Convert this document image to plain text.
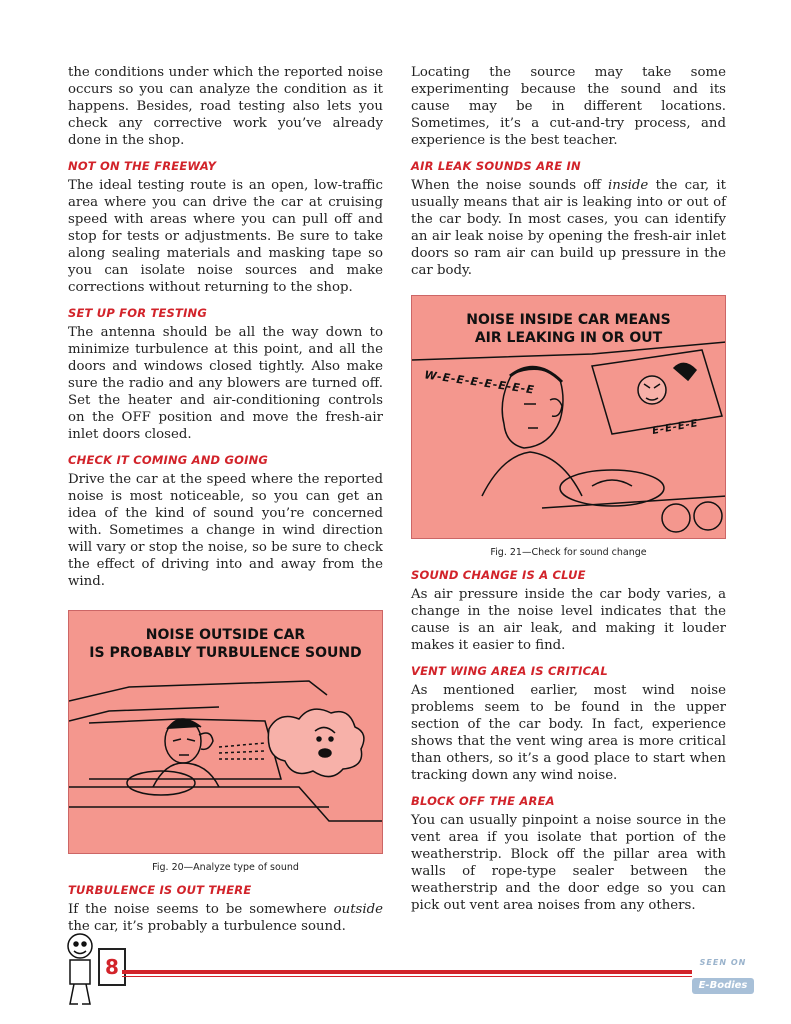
the conditions under which the reported noise occurs so you can analyze the condition as it happens. Besides, road testing also lets you check any corrective work you’ve already done in the shop.

NOT ON THE FREEWAY

The ideal testing route is an open, low-traffic area where you can drive the car at cruising speed with areas where you can pull off and stop for tests or adjustments. Be sure to take along sealing materials and masking tape so you can isolate noise sources and make corrections without returning to the shop.

SET UP FOR TESTING

The antenna should be all the way down to minimize turbulence at this point, and all the doors and windows closed tightly. Also make sure the radio and any blowers are turned off. Set the heater and air-conditioning controls on the OFF position and move the fresh-air inlet doors closed.

CHECK IT COMING AND GOING

Drive the car at the speed where the reported noise is most noticeable, so you can get an idea of the kind of sound you’re concerned with. Sometimes a change in wind direction will vary or stop the noise, so be sure to check the effect of driving into and away from the wind.

NOISE OUTSIDE CAR
IS PROBABLY TURBULENCE SOUND
Fig. 20—Analyze type of sound
TURBULENCE IS OUT THERE

If the noise seems to be somewhere outside the car, it’s probably a turbulence sound.

Locating the source may take some experimenting because the sound and its cause may be in different locations. Sometimes, it’s a cut-and-try process, and experience is the best teacher.

AIR LEAK SOUNDS ARE IN

When the noise sounds off inside the car, it usually means that air is leaking into or out of the car body. In most cases, you can identify an air leak noise by opening the fresh-air inlet doors so ram air can build up pressure in the car body.

NOISE INSIDE CAR MEANS
AIR LEAKING IN OR OUT
W-E-E-E-E-E-E-E
E-E-E-E
Fig. 21—Check for sound change
SOUND CHANGE IS A CLUE

As air pressure inside the car body varies, a change in the noise level indicates that the cause is an air leak, and making it louder makes it easier to find.

VENT WING AREA IS CRITICAL

As mentioned earlier, most wind noise problems seem to be found in the upper section of the car body. In fact, experience shows that the vent wing area is more critical than others, so it’s a good place to start when tracking down any wind noise.

BLOCK OFF THE AREA

You can usually pinpoint a noise source in the vent area if you isolate that portion of the weatherstrip. Block off the pillar area with walls of rope-type sealer between the weatherstrip and the door edge so you can pick out vent area noises from any others.

8	SEEN ON
E-Bodies
